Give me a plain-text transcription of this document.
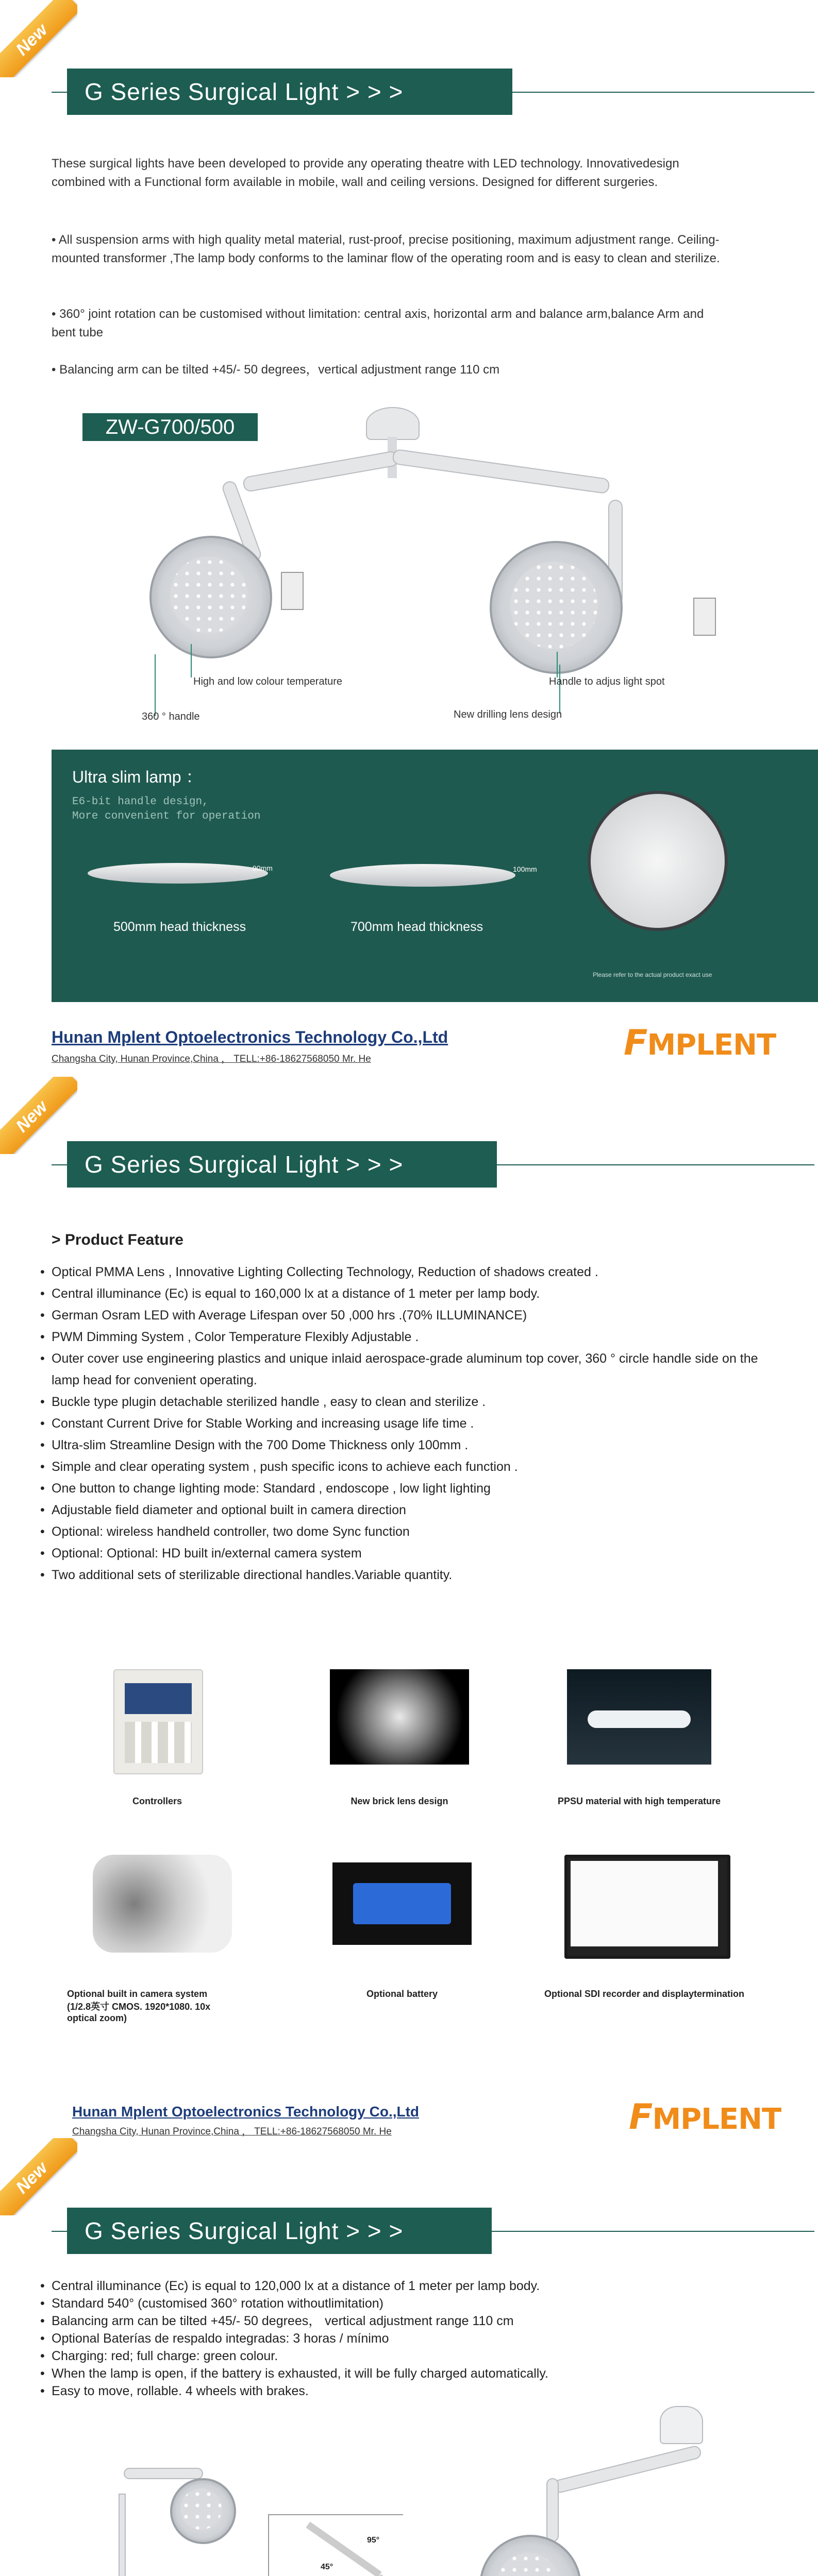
New
G Series Surgical Light > > >
These surgical lights have been developed to provide any operating theatre with LED technology. Innovativedesign combined with a Functional form available in mobile, wall and ceiling versions. Designed for different surgeries.
• All suspension arms with high quality metal material, rust-proof, precise positioning, maximum adjustment range. Ceiling-mounted transformer ,The lamp body conforms to the laminar flow of the operating room and is easy to clean and sterilize.
• 360° joint rotation can be customised without limitation: central axis, horizontal arm and balance arm,balance Arm and bent tube
• Balancing arm can be tilted +45/- 50 degrees，vertical adjustment range 110 cm
ZW-G700/500
High and low colour temperature
360 ° handle	New drilling lens design
Handle to adjus light spot
Ultra slim lamp ：
E6-bit handle design,
More convenient for operation
90mm	100mm
500mm head thickness	700mm head thickness
Please refer to the actual product exact use
Hunan Mplent Optoelectronics Technology Co.,Ltd
Changsha City, Hunan Province,China ， TELL:+86-18627568050 Mr. He	FMPLENT
New
G Series Surgical Light > > >
> Product Feature
• Optical PMMA Lens , Innovative Lighting Collecting Technology, Reduction of shadows created .
• Central illuminance (Ec) is equal to 160,000 lx at a distance of 1 meter per lamp body.
• German Osram LED with Average Lifespan over 50 ,000 hrs .(70% ILLUMINANCE)
• PWM Dimming System , Color Temperature Flexibly Adjustable .
• Outer cover use engineering plastics and unique inlaid aerospace-grade aluminum top cover, 360 ° circle handle side on the lamp head for convenient operating.
• Buckle type plugin detachable sterilized handle , easy to clean and sterilize .
• Constant Current Drive for Stable Working and increasing usage life time .
• Ultra-slim Streamline Design with the 700 Dome Thickness only 100mm .
• Simple and clear operating system , push specific icons to achieve each function .
• One button to change lighting mode: Standard , endoscope , low light lighting
• Adjustable field diameter and optional built in camera direction
• Optional: wireless handheld controller, two dome Sync function
• Optional: Optional: HD built in/external camera system
• Two additional sets of sterilizable directional handles.Variable quantity.
Controllers	New brick lens design	PPSU material with high temperature
Optional built in camera system
(1/2.8英寸 CMOS. 1920*1080. 10x
optical zoom)
Optional battery	Optional SDI recorder and displaytermination
Hunan Mplent Optoelectronics Technology Co.,Ltd
Changsha City, Hunan Province,China ， TELL:+86-18627568050 Mr. He	FMPLENT
New
G Series Surgical Light > > >
• Central illuminance (Ec) is equal to 120,000 lx at a distance of 1 meter per lamp body.
• Standard 540° (customised 360° rotation withoutlimitation)
• Balancing arm can be tilted +45/- 50 degrees， vertical adjustment range 110 cm
• Optional Baterías de respaldo integradas: 3 horas / mínimo
• Charging: red; full charge: green colour.
• When the lamp is open, if the battery is exhausted, it will be fully charged automatically.
• Easy to move, rollable. 4 wheels with brakes.
45°
95°
